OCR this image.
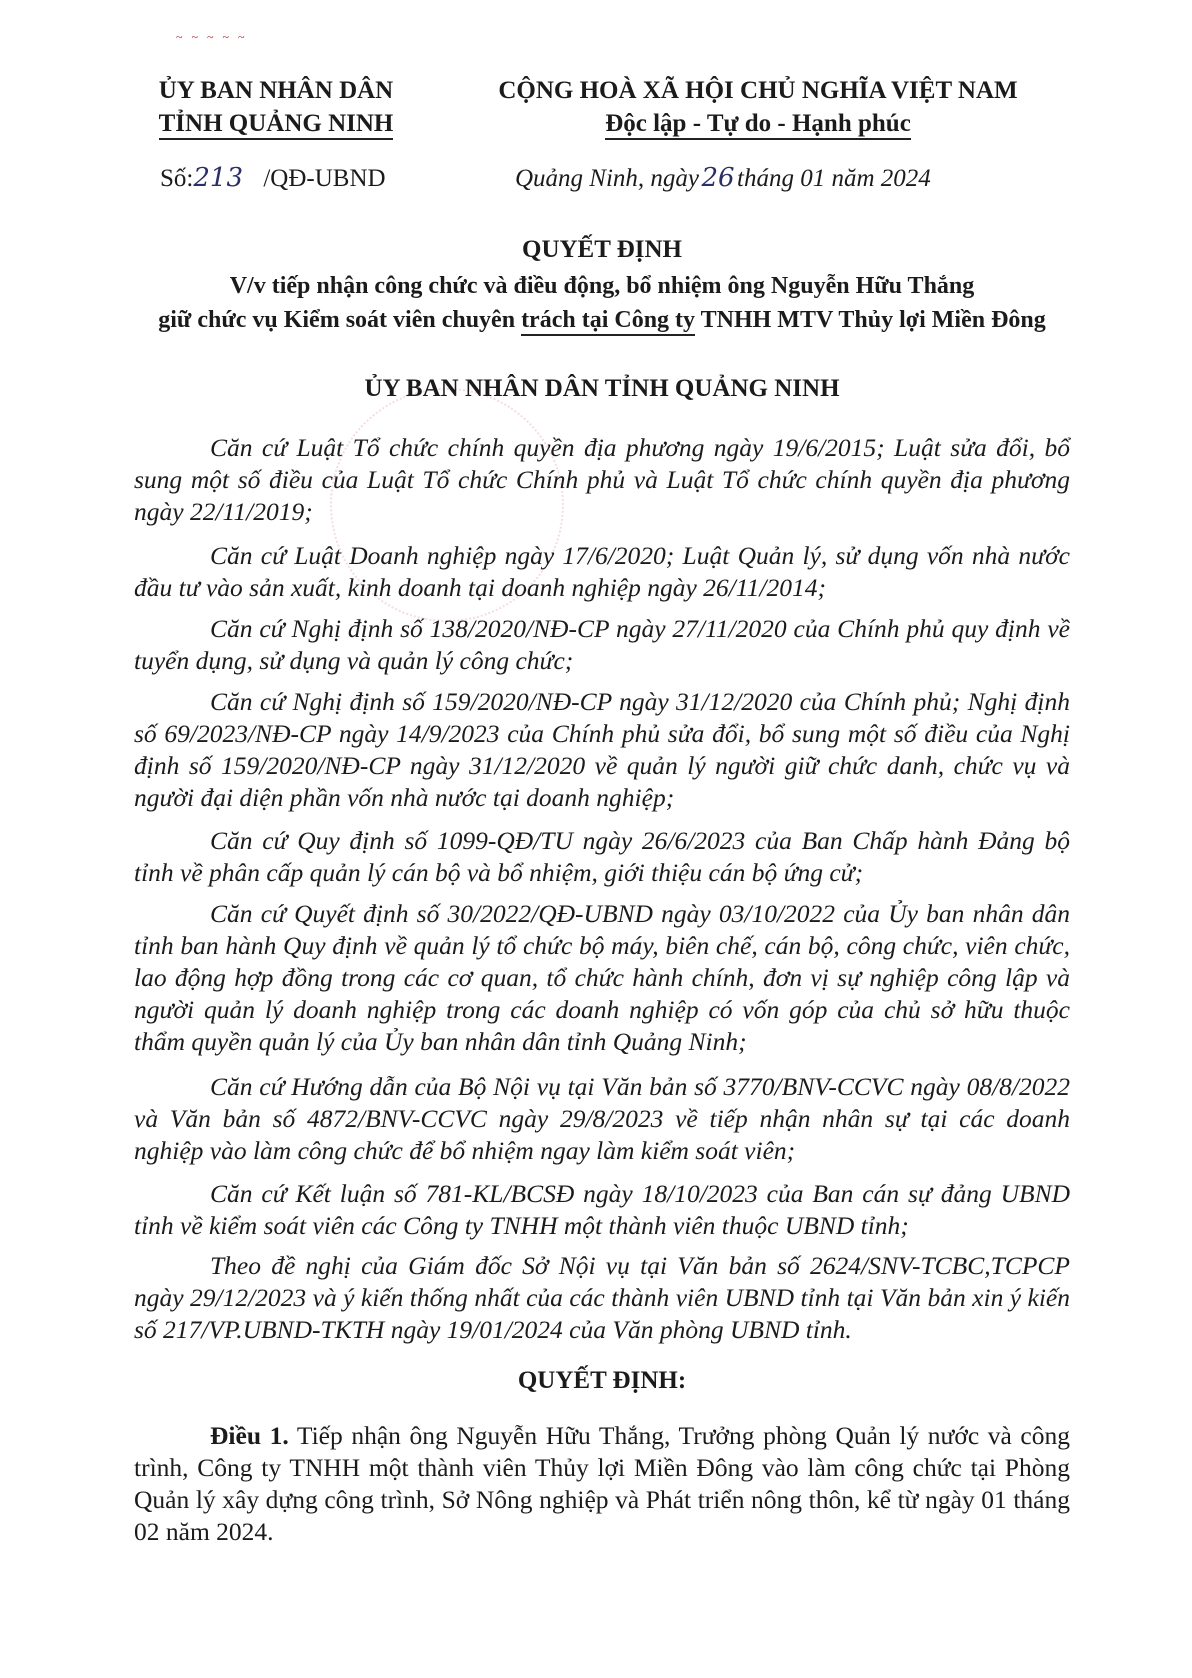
~ ~ ~ ~ ~
ỦY BAN NHÂN DÂN
TỈNH QUẢNG NINH
Số:213 /QĐ-UBND
CỘNG HOÀ XÃ HỘI CHỦ NGHĨA VIỆT NAM
Độc lập - Tự do - Hạnh phúc
Quảng Ninh, ngày26tháng 01 năm 2024
QUYẾT ĐỊNH
V/v tiếp nhận công chức và điều động, bổ nhiệm ông Nguyễn Hữu Thắng
giữ chức vụ Kiểm soát viên chuyên trách tại Công ty TNHH MTV Thủy lợi Miền Đông
ỦY BAN NHÂN DÂN TỈNH QUẢNG NINH
Căn cứ Luật Tổ chức chính quyền địa phương ngày 19/6/2015; Luật sửa đổi, bổ sung một số điều của Luật Tổ chức Chính phủ và Luật Tổ chức chính quyền địa phương ngày 22/11/2019;
Căn cứ Luật Doanh nghiệp ngày 17/6/2020; Luật Quản lý, sử dụng vốn nhà nước đầu tư vào sản xuất, kinh doanh tại doanh nghiệp ngày 26/11/2014;
Căn cứ Nghị định số 138/2020/NĐ-CP ngày 27/11/2020 của Chính phủ quy định về tuyển dụng, sử dụng và quản lý công chức;
Căn cứ Nghị định số 159/2020/NĐ-CP ngày 31/12/2020 của Chính phủ; Nghị định số 69/2023/NĐ-CP ngày 14/9/2023 của Chính phủ sửa đổi, bổ sung một số điều của Nghị định số 159/2020/NĐ-CP ngày 31/12/2020 về quản lý người giữ chức danh, chức vụ và người đại diện phần vốn nhà nước tại doanh nghiệp;
Căn cứ Quy định số 1099-QĐ/TU ngày 26/6/2023 của Ban Chấp hành Đảng bộ tỉnh về phân cấp quản lý cán bộ và bổ nhiệm, giới thiệu cán bộ ứng cử;
Căn cứ Quyết định số 30/2022/QĐ-UBND ngày 03/10/2022 của Ủy ban nhân dân tỉnh ban hành Quy định về quản lý tổ chức bộ máy, biên chế, cán bộ, công chức, viên chức, lao động hợp đồng trong các cơ quan, tổ chức hành chính, đơn vị sự nghiệp công lập và người quản lý doanh nghiệp trong các doanh nghiệp có vốn góp của chủ sở hữu thuộc thẩm quyền quản lý của Ủy ban nhân dân tỉnh Quảng Ninh;
Căn cứ Hướng dẫn của Bộ Nội vụ tại Văn bản số 3770/BNV-CCVC ngày 08/8/2022 và Văn bản số 4872/BNV-CCVC ngày 29/8/2023 về tiếp nhận nhân sự tại các doanh nghiệp vào làm công chức để bổ nhiệm ngay làm kiểm soát viên;
Căn cứ Kết luận số 781-KL/BCSĐ ngày 18/10/2023 của Ban cán sự đảng UBND tỉnh về kiểm soát viên các Công ty TNHH một thành viên thuộc UBND tỉnh;
Theo đề nghị của Giám đốc Sở Nội vụ tại Văn bản số 2624/SNV-TCBC,TCPCP ngày 29/12/2023 và ý kiến thống nhất của các thành viên UBND tỉnh tại Văn bản xin ý kiến số 217/VP.UBND-TKTH ngày 19/01/2024 của Văn phòng UBND tỉnh.
QUYẾT ĐỊNH:
Điều 1. Tiếp nhận ông Nguyễn Hữu Thắng, Trưởng phòng Quản lý nước và công trình, Công ty TNHH một thành viên Thủy lợi Miền Đông vào làm công chức tại Phòng Quản lý xây dựng công trình, Sở Nông nghiệp và Phát triển nông thôn, kể từ ngày 01 tháng 02 năm 2024.
